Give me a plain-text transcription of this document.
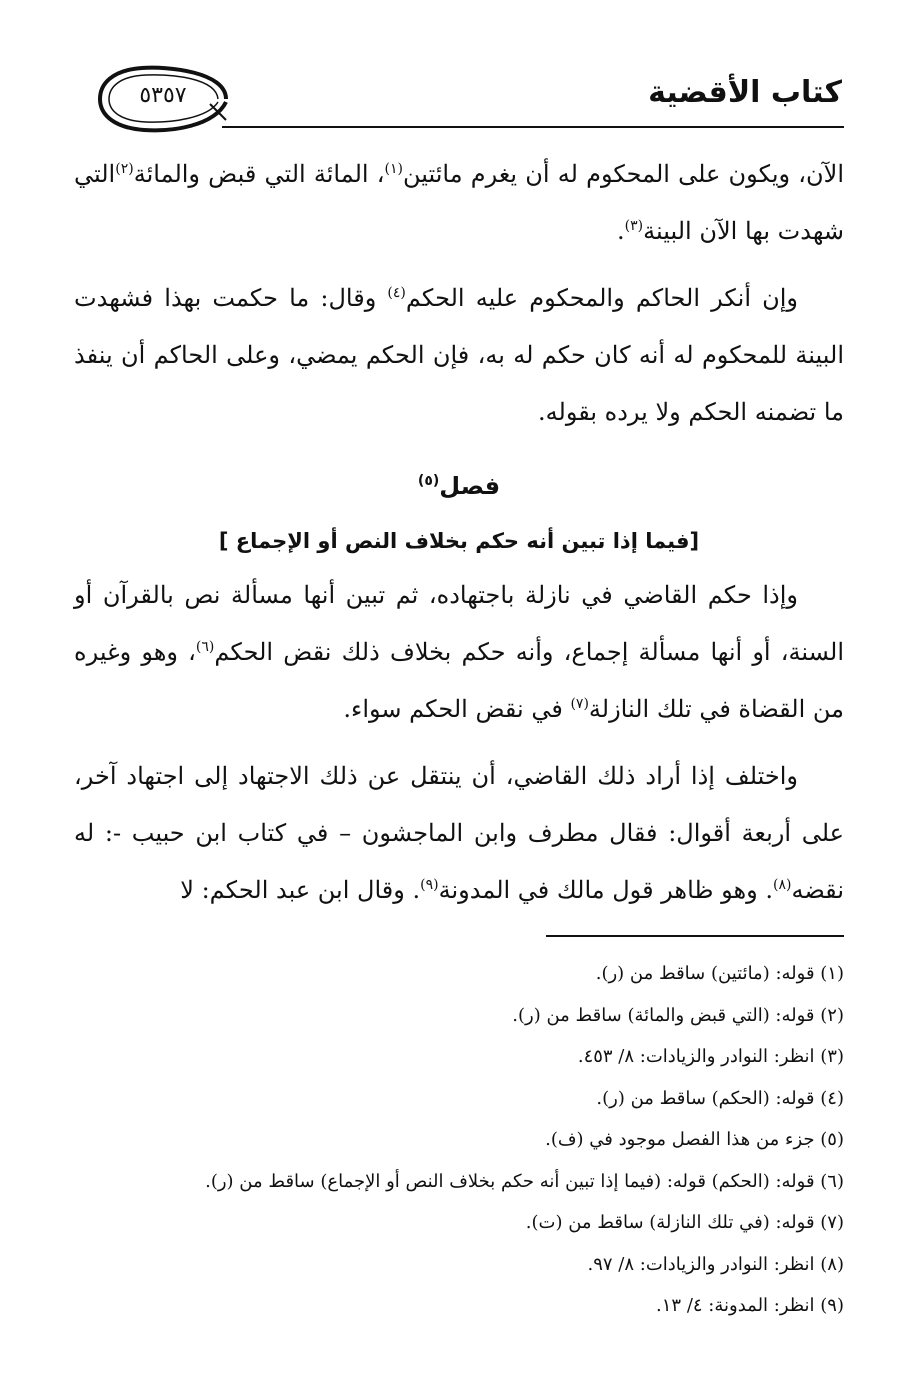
كتاب الأقضية
٥٣٥٧

الآن، ويكون على المحكوم له أن يغرم مائتين$^{(١)}$، المائة التي قبض والمائة$^{(٢)}$التي شهدت بها الآن البينة$^{(٣)}$.

وإن أنكر الحاكم والمحكوم عليه الحكم$^{(٤)}$ وقال: ما حكمت بهذا فشهدت البينة للمحكوم له أنه كان حكم له به، فإن الحكم يمضي، وعلى الحاكم أن ينفذ ما تضمنه الحكم ولا يرده بقوله.

فصل$^{(٥)}$
[فيما إذا تبين أنه حكم بخلاف النص أو الإجماع ]

وإذا حكم القاضي في نازلة باجتهاده، ثم تبين أنها مسألة نص بالقرآن أو السنة، أو أنها مسألة إجماع، وأنه حكم بخلاف ذلك نقض الحكم$^{(٦)}$، وهو وغيره من القضاة في تلك النازلة$^{(٧)}$ في نقض الحكم سواء.

واختلف إذا أراد ذلك القاضي، أن ينتقل عن ذلك الاجتهاد إلى اجتهاد آخر، على أربعة أقوال: فقال مطرف وابن الماجشون – في كتاب ابن حبيب -: له نقضه$^{(٨)}$. وهو ظاهر قول مالك في المدونة$^{(٩)}$. وقال ابن عبد الحكم: لا

(١) قوله: (مائتين) ساقط من (ر).
(٢) قوله: (التي قبض والمائة) ساقط من (ر).
(٣) انظر: النوادر والزيادات: ٨/ ٤٥٣.
(٤) قوله: (الحكم) ساقط من (ر).
(٥) جزء من هذا الفصل موجود في (ف).
(٦) قوله: (الحكم) قوله: (فيما إذا تبين أنه حكم بخلاف النص أو الإجماع) ساقط من (ر).
(٧) قوله: (في تلك النازلة) ساقط من (ت).
(٨) انظر: النوادر والزيادات: ٨/ ٩٧.
(٩) انظر: المدونة: ٤/ ١٣.
